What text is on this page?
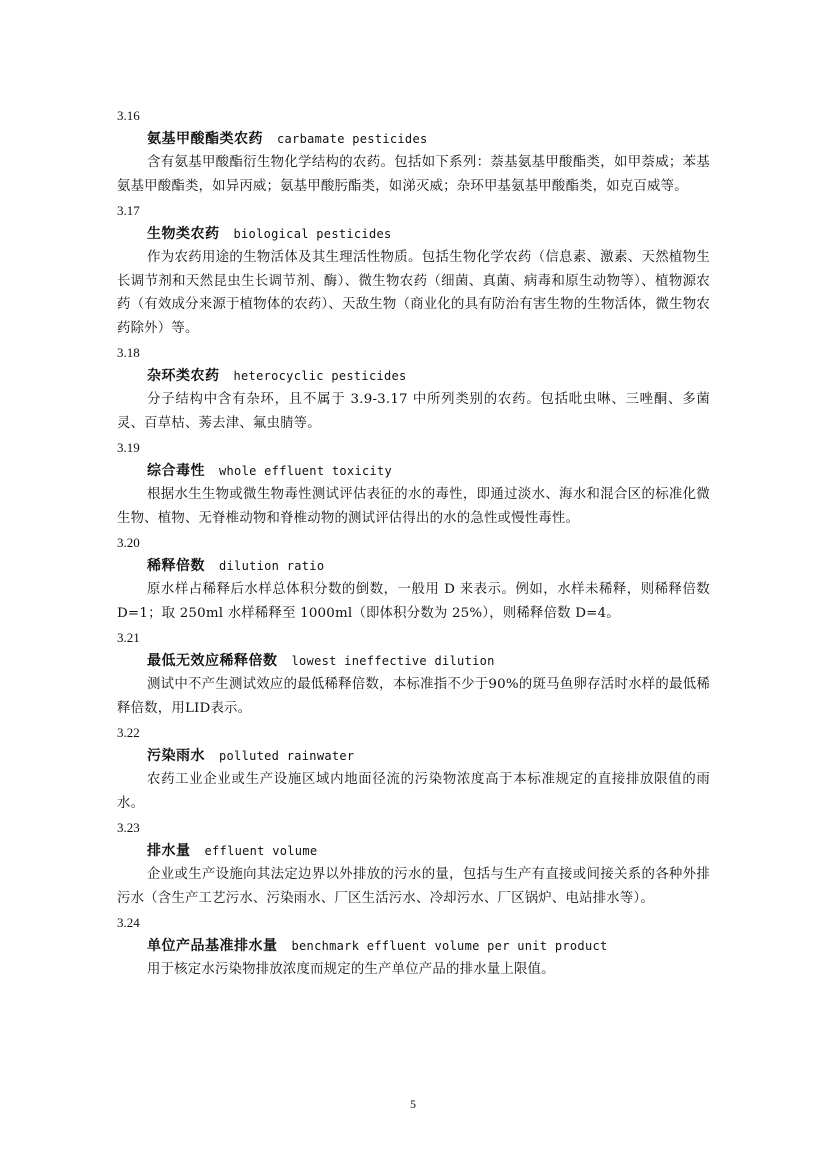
3.16
氨基甲酸酯类农药 carbamate pesticides
含有氨基甲酸酯衍生物化学结构的农药。包括如下系列：萘基氨基甲酸酯类，如甲萘威；苯基氨基甲酸酯类，如异丙威；氨基甲酸肟酯类，如涕灭威；杂环甲基氨基甲酸酯类，如克百威等。
3.17
生物类农药 biological pesticides
作为农药用途的生物活体及其生理活性物质。包括生物化学农药（信息素、激素、天然植物生长调节剂和天然昆虫生长调节剂、酶）、微生物农药（细菌、真菌、病毒和原生动物等）、植物源农药（有效成分来源于植物体的农药）、天敌生物（商业化的具有防治有害生物的生物活体，微生物农药除外）等。
3.18
杂环类农药 heterocyclic pesticides
分子结构中含有杂环，且不属于 3.9-3.17 中所列类别的农药。包括吡虫啉、三唑酮、多菌灵、百草枯、莠去津、氟虫腈等。
3.19
综合毒性 whole effluent toxicity
根据水生生物或微生物毒性测试评估表征的水的毒性，即通过淡水、海水和混合区的标准化微生物、植物、无脊椎动物和脊椎动物的测试评估得出的水的急性或慢性毒性。
3.20
稀释倍数 dilution ratio
原水样占稀释后水样总体积分数的倒数，一般用 D 来表示。例如，水样未稀释，则稀释倍数 D=1；取 250ml 水样稀释至 1000ml（即体积分数为 25%），则稀释倍数 D=4。
3.21
最低无效应稀释倍数 lowest ineffective dilution
测试中不产生测试效应的最低稀释倍数，本标准指不少于90%的斑马鱼卵存活时水样的最低稀释倍数，用LID表示。
3.22
污染雨水 polluted rainwater
农药工业企业或生产设施区域内地面径流的污染物浓度高于本标准规定的直接排放限值的雨水。
3.23
排水量 effluent volume
企业或生产设施向其法定边界以外排放的污水的量，包括与生产有直接或间接关系的各种外排污水（含生产工艺污水、污染雨水、厂区生活污水、冷却污水、厂区锅炉、电站排水等）。
3.24
单位产品基准排水量 benchmark effluent volume per unit product
用于核定水污染物排放浓度而规定的生产单位产品的排水量上限值。
5
